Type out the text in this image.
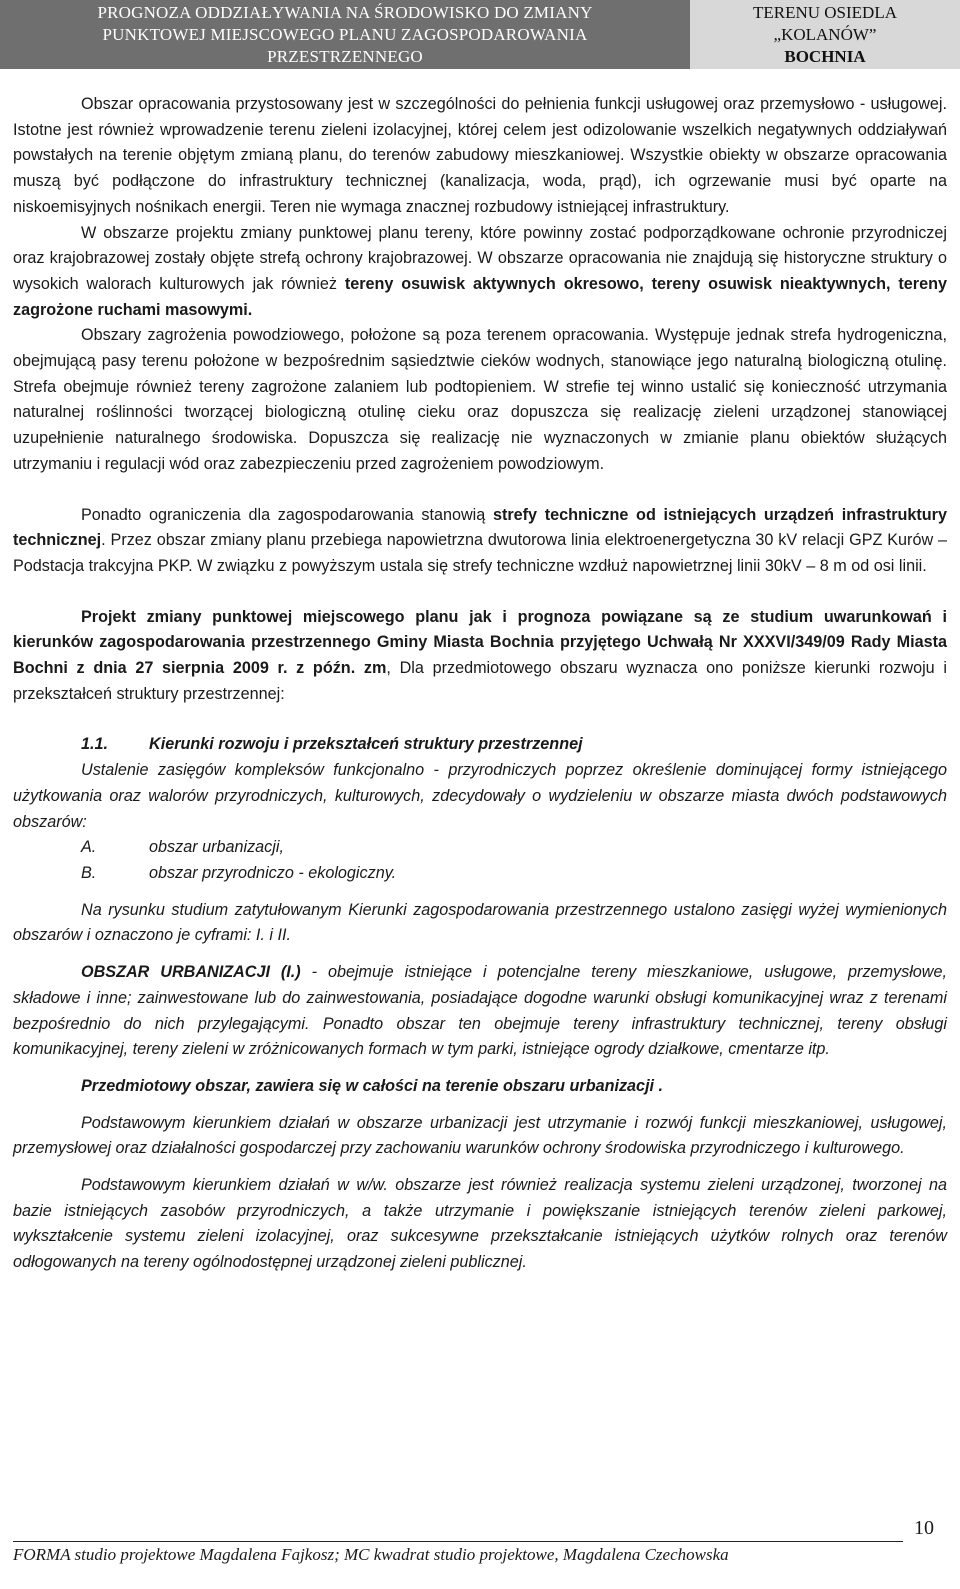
PROGNOZA ODDZIAŁYWANIA NA ŚRODOWISKO DO ZMIANY
PUNKTOWEJ MIEJSCOWEGO PLANU ZAGOSPODAROWANIA
PRZESTRZENNEGO
TERENU OSIEDLA
„KOLANÓW”
BOCHNIA

Obszar opracowania przystosowany jest w szczególności do pełnienia funkcji usługowej oraz przemysłowo - usługowej. Istotne jest również wprowadzenie terenu zieleni izolacyjnej, której celem jest odizolowanie wszelkich negatywnych oddziaływań powstałych na terenie objętym zmianą planu, do terenów zabudowy mieszkaniowej. Wszystkie obiekty w obszarze opracowania muszą być podłączone do infrastruktury technicznej (kanalizacja, woda, prąd), ich ogrzewanie musi być oparte na niskoemisyjnych nośnikach energii. Teren nie wymaga znacznej rozbudowy istniejącej infrastruktury.

W obszarze projektu zmiany punktowej planu tereny, które powinny zostać podporządkowane ochronie przyrodniczej oraz krajobrazowej zostały objęte strefą ochrony krajobrazowej. W obszarze opracowania nie znajdują się historyczne struktury o wysokich walorach kulturowych jak również tereny osuwisk aktywnych okresowo, tereny osuwisk nieaktywnych, tereny zagrożone ruchami masowymi.

Obszary zagrożenia powodziowego, położone są poza terenem opracowania. Występuje jednak strefa hydrogeniczna, obejmującą pasy terenu położone w bezpośrednim sąsiedztwie cieków wodnych, stanowiące jego naturalną biologiczną otulinę. Strefa obejmuje również tereny zagrożone zalaniem lub podtopieniem. W strefie tej winno ustalić się konieczność utrzymania naturalnej roślinności tworzącej biologiczną otulinę cieku oraz dopuszcza się realizację zieleni urządzonej stanowiącej uzupełnienie naturalnego środowiska. Dopuszcza się realizację nie wyznaczonych w zmianie planu obiektów służących utrzymaniu i regulacji wód oraz zabezpieczeniu przed zagrożeniem powodziowym.

Ponadto ograniczenia dla zagospodarowania stanowią strefy techniczne od istniejących urządzeń infrastruktury technicznej. Przez obszar zmiany planu przebiega napowietrzna dwutorowa linia elektroenergetyczna 30 kV relacji GPZ Kurów – Podstacja trakcyjna PKP. W związku z powyższym ustala się strefy techniczne wzdłuż napowietrznej linii 30kV – 8 m od osi linii.

Projekt zmiany punktowej miejscowego planu jak i prognoza powiązane są ze studium uwarunkowań i kierunków zagospodarowania przestrzennego Gminy Miasta Bochnia przyjętego Uchwałą Nr XXXVI/349/09 Rady Miasta Bochni z dnia 27 sierpnia 2009 r. z późn. zm, Dla przedmiotowego obszaru wyznacza ono poniższe kierunki rozwoju i przekształceń struktury przestrzennej:

1.1.	Kierunki rozwoju i przekształceń struktury przestrzennej

Ustalenie zasięgów kompleksów funkcjonalno - przyrodniczych poprzez określenie dominującej formy istniejącego użytkowania oraz walorów przyrodniczych, kulturowych, zdecydowały o wydzieleniu w obszarze miasta dwóch podstawowych obszarów:

A.	obszar urbanizacji,
B.	obszar przyrodniczo - ekologiczny.

Na rysunku studium zatytułowanym Kierunki zagospodarowania przestrzennego ustalono zasięgi wyżej wymienionych obszarów i oznaczono je cyframi: I. i II.

OBSZAR URBANIZACJI (I.) - obejmuje istniejące i potencjalne tereny mieszkaniowe, usługowe, przemysłowe, składowe i inne; zainwestowane lub do zainwestowania, posiadające dogodne warunki obsługi komunikacyjnej wraz z terenami bezpośrednio do nich przylegającymi. Ponadto obszar ten obejmuje tereny infrastruktury technicznej, tereny obsługi komunikacyjnej, tereny zieleni w zróżnicowanych formach w tym parki, istniejące ogrody działkowe, cmentarze itp.

Przedmiotowy obszar, zawiera się w całości na terenie obszaru urbanizacji .

Podstawowym kierunkiem działań w obszarze urbanizacji jest utrzymanie i rozwój funkcji mieszkaniowej, usługowej, przemysłowej oraz działalności gospodarczej przy zachowaniu warunków ochrony środowiska przyrodniczego i kulturowego.

Podstawowym kierunkiem działań w w/w. obszarze jest również realizacja systemu zieleni urządzonej, tworzonej na bazie istniejących zasobów przyrodniczych, a także utrzymanie i powiększanie istniejących terenów zieleni parkowej, wykształcenie systemu zieleni izolacyjnej, oraz sukcesywne przekształcanie istniejących użytków rolnych oraz terenów odłogowanych na tereny ogólnodostępnej urządzonej zieleni publicznej.

10
FORMA studio projektowe Magdalena Fajkosz; MC kwadrat studio projektowe, Magdalena Czechowska
